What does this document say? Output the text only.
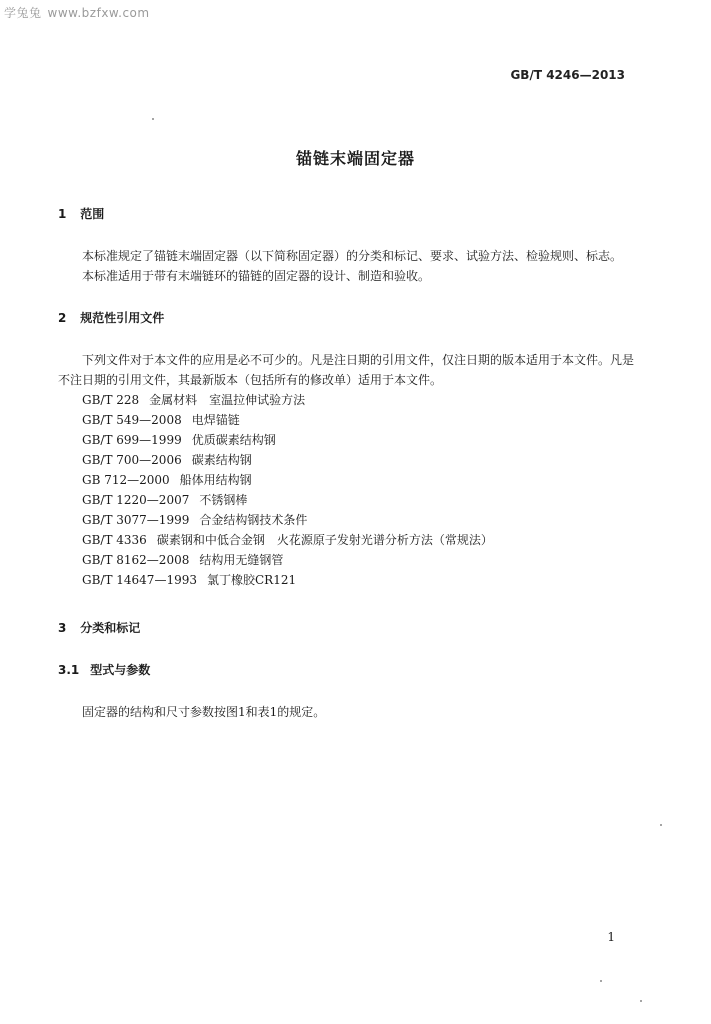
学兔兔 www.bzfxw.com
GB/T 4246—2013
锚链末端固定器
1 范围

本标准规定了锚链末端固定器（以下简称固定器）的分类和标记、要求、试验方法、检验规则、标志。

本标准适用于带有末端链环的锚链的固定器的设计、制造和验收。

2 规范性引用文件

下列文件对于本文件的应用是必不可少的。凡是注日期的引用文件，仅注日期的版本适用于本文件。凡是不注日期的引用文件，其最新版本（包括所有的修改单）适用于本文件。

GB/T 228 金属材料　室温拉伸试验方法
GB/T 549—2008 电焊锚链
GB/T 699—1999 优质碳素结构钢
GB/T 700—2006 碳素结构钢
GB 712—2000 船体用结构钢
GB/T 1220—2007 不锈钢棒
GB/T 3077—1999 合金结构钢技术条件
GB/T 4336 碳素钢和中低合金钢　火花源原子发射光谱分析方法（常规法）
GB/T 8162—2008 结构用无缝钢管
GB/T 14647—1993 氯丁橡胶CR121
3 分类和标记
3.1 型式与参数

固定器的结构和尺寸参数按图1和表1的规定。

1
